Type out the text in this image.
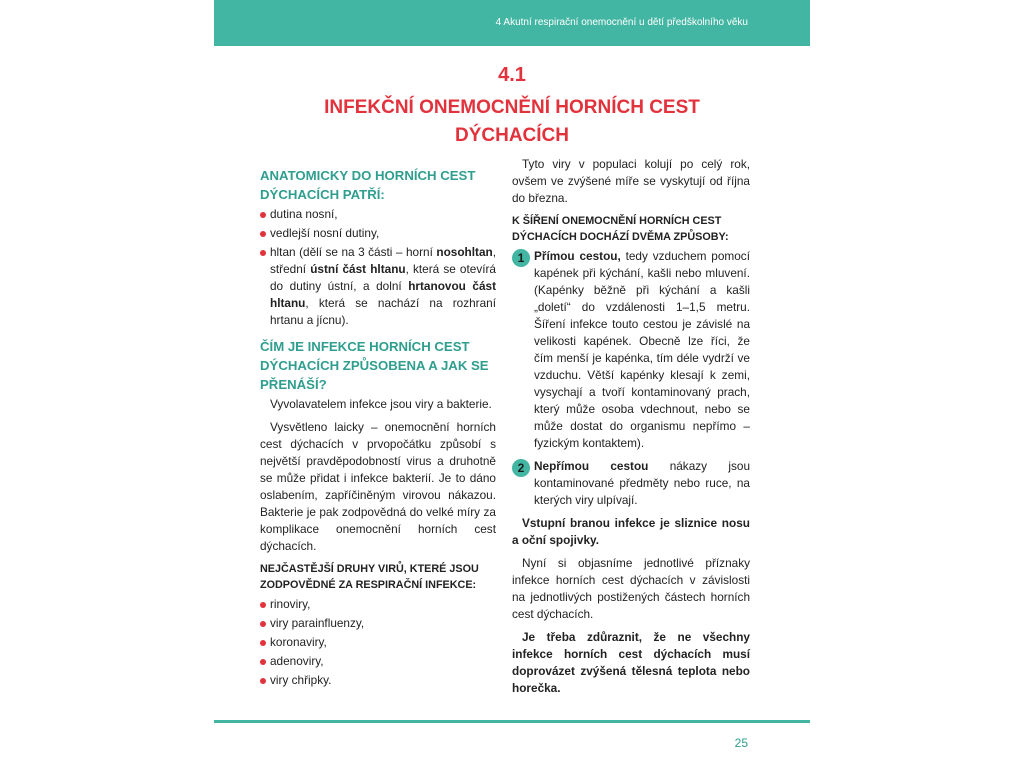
4 Akutní respirační onemocnění u dětí předškolního věku
4.1
INFEKČNÍ ONEMOCNĚNÍ HORNÍCH CEST DÝCHACÍCH
ANATOMICKY DO HORNÍCH CEST DÝCHACÍCH PATŘÍ:
dutina nosní,
vedlejší nosní dutiny,
hltan (dělí se na 3 části – horní nosohltan, střední ústní část hltanu, která se otevírá do dutiny ústní, a dolní hrtanovou část hltanu, která se nachází na rozhraní hrtanu a jícnu).
ČÍM JE INFEKCE HORNÍCH CEST DÝCHACÍCH ZPŮSOBENA A JAK SE PŘENÁŠÍ?

Vyvolavatelem infekce jsou viry a bakterie.

Vysvětleno laicky – onemocnění horních cest dýchacích v prvopočátku způsobí s největší pravděpodobností virus a druhotně se může přidat i infekce bakterií. Je to dáno oslabením, zapříčiněným virovou nákazou. Bakterie je pak zodpovědná do velké míry za komplikace onemocnění horních cest dýchacích.

NEJČASTĚJŠÍ DRUHY VIRŮ, KTERÉ JSOU ZODPOVĚDNÉ ZA RESPIRAČNÍ INFEKCE:
rinoviry,
viry parainfluenzy,
koronaviry,
adenoviry,
viry chřipky.

Tyto viry v populaci kolují po celý rok, ovšem ve zvýšené míře se vyskytují od října do března.

K ŠÍŘENÍ ONEMOCNĚNÍ HORNÍCH CEST DÝCHACÍCH DOCHÁZÍ DVĚMA ZPŮSOBY:
1 Přímou cestou, tedy vzduchem pomocí kapének při kýchání, kašli nebo mluvení. (Kapénky běžně při kýchání a kašli „doletí“ do vzdálenosti 1–1,5 metru. Šíření infekce touto cestou je závislé na velikosti kapének. Obecně lze říci, že čím menší je kapénka, tím déle vydrží ve vzduchu. Větší kapénky klesají k zemi, vysychají a tvoří kontaminovaný prach, který může osoba vdechnout, nebo se může dostat do organismu nepřímo – fyzickým kontaktem).
2 Nepřímou cestou nákazy jsou kontaminované předměty nebo ruce, na kterých viry ulpívají.

Vstupní branou infekce je sliznice nosu a oční spojivky.

Nyní si objasníme jednotlivé příznaky infekce horních cest dýchacích v závislosti na jednotlivých postižených částech horních cest dýchacích.

Je třeba zdůraznit, že ne všechny infekce horních cest dýchacích musí doprovázet zvýšená tělesná teplota nebo horečka.

25
